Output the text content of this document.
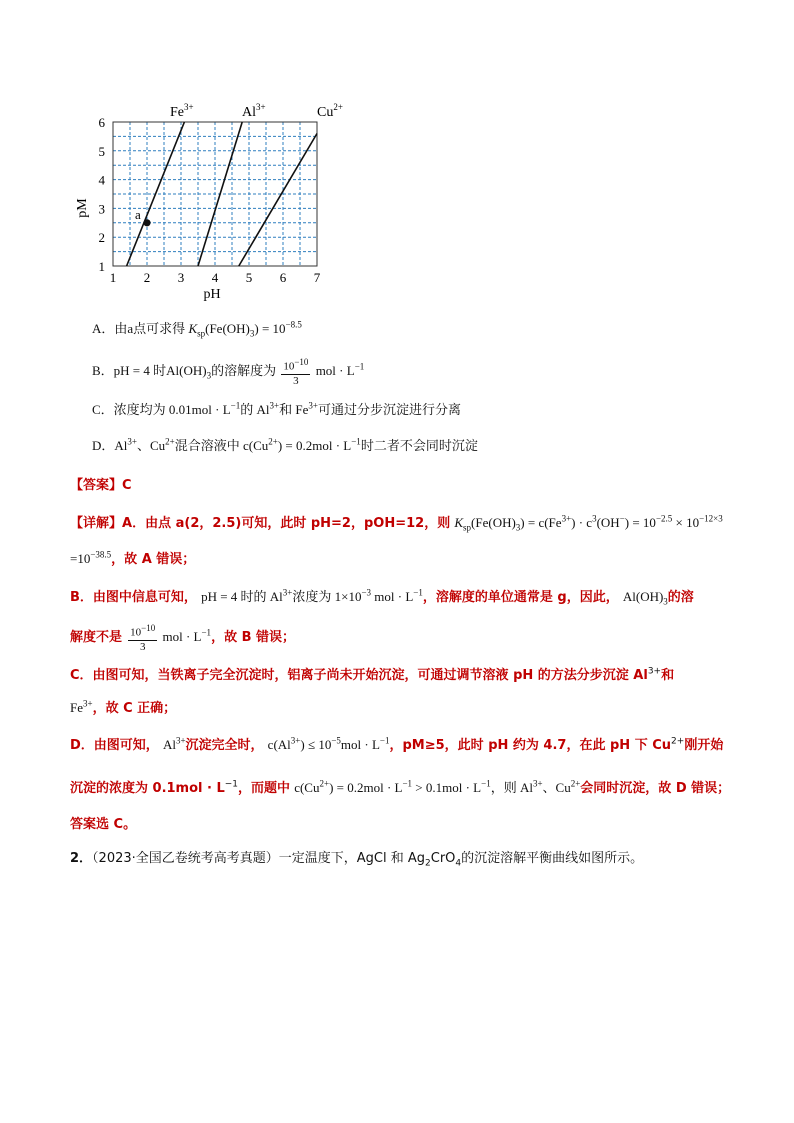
1 2 3 4 5 6 7
1
2
3
4
5
6
pM
pH
$Fe^{3+}$	$Al^{3+}$	$Cu^{2+}$
a
A．由a点可求得 $K_{sp}(Fe(OH)_3) = 10^{-8.5}$
B．pH = 4 时$Al(OH)_3$的溶解度为 $\frac{10^{-10}}{3}$ mol · $L^{-1}$
C．浓度均为 $0.01mol \cdot L^{-1}$的 $Al^{3+}$和 $Fe^{3+}$可通过分步沉淀进行分离
D．$Al^{3+}$、$Cu^{2+}$混合溶液中 $c(Cu^{2+}) = 0.2mol \cdot L^{-1}$时二者不会同时沉淀
【答案】C
【详解】A．由点 a(2，2.5)可知，此时 pH=2，pOH=12，则 $K_{sp}(Fe(OH)_3) = c(Fe^{3+}) \cdot c^3(OH^-) = 10^{-2.5} \times 10^{-12\times 3}$
$=10^{-38.5}$，故 A 错误；
B．由图中信息可知， pH = 4 时的 $Al^{3+}$浓度为 $1\times 10^{-3}$ mol · $L^{-1}$，溶解度的单位通常是 g，因此， $Al(OH)_3$的溶
解度不是 $\frac{10^{-10}}{3}$ mol · $L^{-1}$，故 B 错误；
C．由图可知，当铁离子完全沉淀时，铝离子尚未开始沉淀，可通过调节溶液 pH 的方法分步沉淀 $Al^{3+}$和
$Fe^{3+}$，故 C 正确；
D．由图可知， $Al^{3+}$沉淀完全时， $c(Al^{3+}) \le 10^{-5}mol \cdot L^{-1}$，pM≥5，此时 pH 约为 4.7，在此 pH 下 $Cu^{2+}$刚开始
沉淀的浓度为 $0.1mol \cdot L^{-1}$，而题中 $c(Cu^{2+}) = 0.2mol \cdot L^{-1} > 0.1mol \cdot L^{-1}$，则 $Al^{3+}$、$Cu^{2+}$会同时沉淀，故 D 错误；
答案选 C。
2．（2023·全国乙卷统考高考真题）一定温度下，AgCl 和 $Ag_2CrO_4$的沉淀溶解平衡曲线如图所示。
